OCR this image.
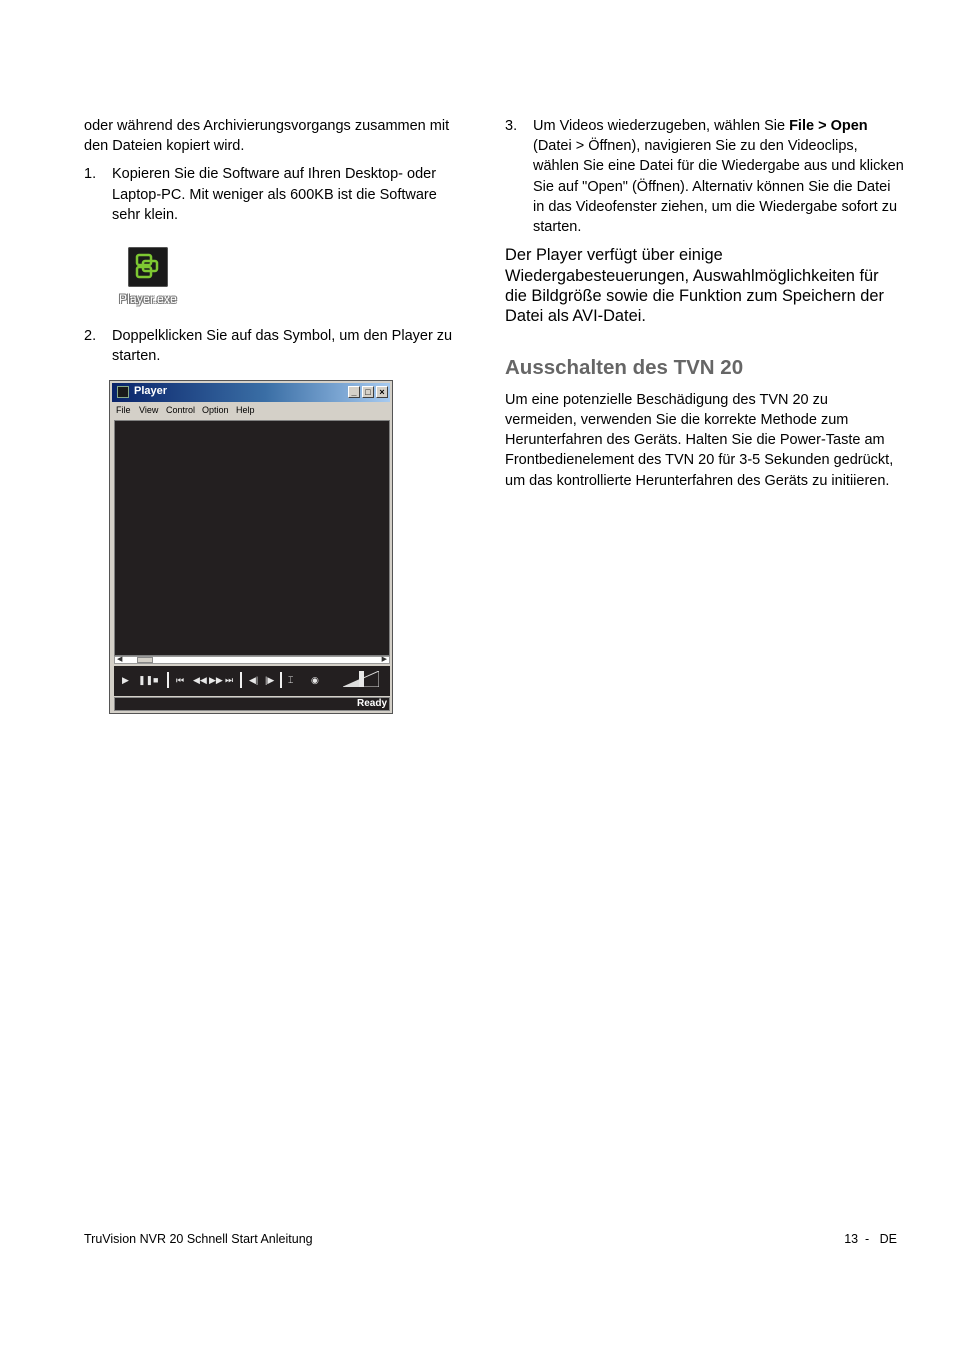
oder während des Archivierungsvorgangs zusammen mit den Dateien kopiert wird.

1. Kopieren Sie die Software auf Ihren Desktop- oder Laptop-PC. Mit weniger als 600KB ist die Software sehr klein.
Player.exe
2. Doppelklicken Sie auf das Symbol, um den Player zu starten.
Player	_ □ ×
File View Control Option Help
◀	▶
▶ ❚❚ ■ ⏮ ◀◀ ▶▶ ⏭ ◀| |▶ ⌶ ◉
Ready
3. Um Videos wiederzugeben, wählen Sie File > Open (Datei > Öffnen), navigieren Sie zu den Videoclips, wählen Sie eine Datei für die Wiedergabe aus und klicken Sie auf "Open" (Öffnen). Alternativ können Sie die Datei in das Videofenster ziehen, um die Wiedergabe sofort zu starten.

Der Player verfügt über einige Wiedergabesteuerungen, Auswahlmöglichkeiten für die Bildgröße sowie die Funktion zum Speichern der Datei als AVI-Datei.

Ausschalten des TVN 20

Um eine potenzielle Beschädigung des TVN 20 zu vermeiden, verwenden Sie die korrekte Methode zum Herunterfahren des Geräts. Halten Sie die Power-Taste am Frontbedienelement des TVN 20 für 3-5 Sekunden gedrückt, um das kontrollierte Herunterfahren des Geräts zu initiieren.

TruVision NVR 20 Schnell Start Anleitung	13  -   DE
